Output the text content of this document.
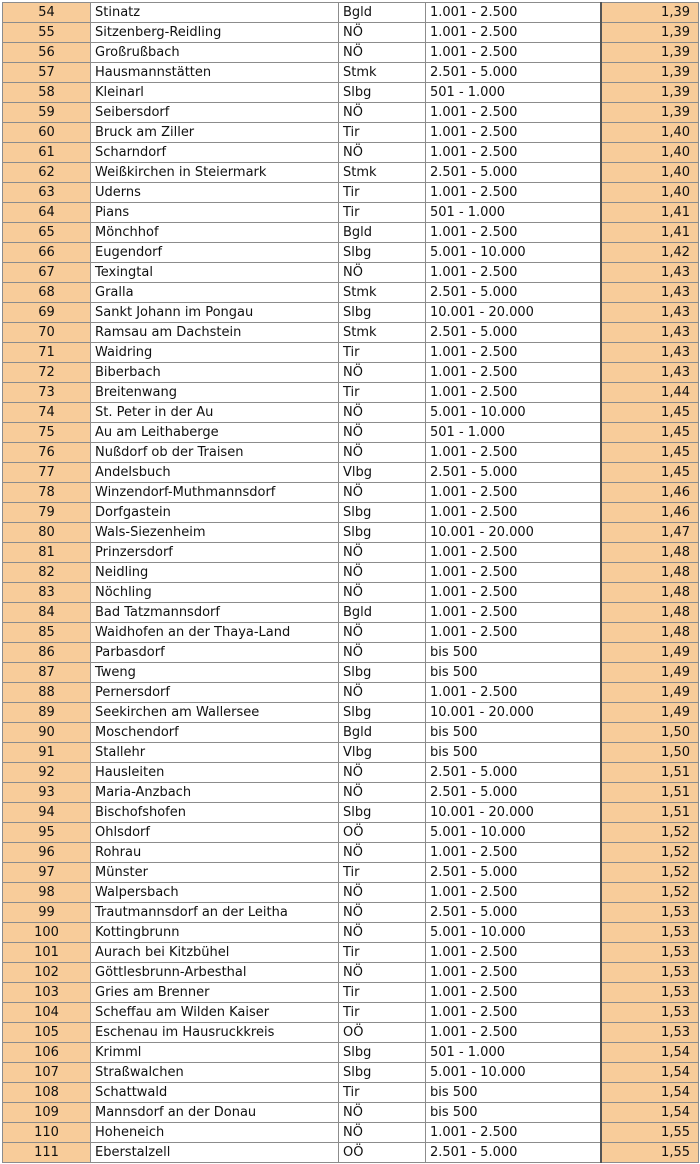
54	Stinatz	Bgld	1.001 - 2.500	1,39
55	Sitzenberg-Reidling	NÖ	1.001 - 2.500	1,39
56	Großrußbach	NÖ	1.001 - 2.500	1,39
57	Hausmannstätten	Stmk	2.501 - 5.000	1,39
58	Kleinarl	Slbg	501 - 1.000	1,39
59	Seibersdorf	NÖ	1.001 - 2.500	1,39
60	Bruck am Ziller	Tir	1.001 - 2.500	1,40
61	Scharndorf	NÖ	1.001 - 2.500	1,40
62	Weißkirchen in Steiermark	Stmk	2.501 - 5.000	1,40
63	Uderns	Tir	1.001 - 2.500	1,40
64	Pians	Tir	501 - 1.000	1,41
65	Mönchhof	Bgld	1.001 - 2.500	1,41
66	Eugendorf	Slbg	5.001 - 10.000	1,42
67	Texingtal	NÖ	1.001 - 2.500	1,43
68	Gralla	Stmk	2.501 - 5.000	1,43
69	Sankt Johann im Pongau	Slbg	10.001 - 20.000	1,43
70	Ramsau am Dachstein	Stmk	2.501 - 5.000	1,43
71	Waidring	Tir	1.001 - 2.500	1,43
72	Biberbach	NÖ	1.001 - 2.500	1,43
73	Breitenwang	Tir	1.001 - 2.500	1,44
74	St. Peter in der Au	NÖ	5.001 - 10.000	1,45
75	Au am Leithaberge	NÖ	501 - 1.000	1,45
76	Nußdorf ob der Traisen	NÖ	1.001 - 2.500	1,45
77	Andelsbuch	Vlbg	2.501 - 5.000	1,45
78	Winzendorf-Muthmannsdorf	NÖ	1.001 - 2.500	1,46
79	Dorfgastein	Slbg	1.001 - 2.500	1,46
80	Wals-Siezenheim	Slbg	10.001 - 20.000	1,47
81	Prinzersdorf	NÖ	1.001 - 2.500	1,48
82	Neidling	NÖ	1.001 - 2.500	1,48
83	Nöchling	NÖ	1.001 - 2.500	1,48
84	Bad Tatzmannsdorf	Bgld	1.001 - 2.500	1,48
85	Waidhofen an der Thaya-Land	NÖ	1.001 - 2.500	1,48
86	Parbasdorf	NÖ	bis 500	1,49
87	Tweng	Slbg	bis 500	1,49
88	Pernersdorf	NÖ	1.001 - 2.500	1,49
89	Seekirchen am Wallersee	Slbg	10.001 - 20.000	1,49
90	Moschendorf	Bgld	bis 500	1,50
91	Stallehr	Vlbg	bis 500	1,50
92	Hausleiten	NÖ	2.501 - 5.000	1,51
93	Maria-Anzbach	NÖ	2.501 - 5.000	1,51
94	Bischofshofen	Slbg	10.001 - 20.000	1,51
95	Ohlsdorf	OÖ	5.001 - 10.000	1,52
96	Rohrau	NÖ	1.001 - 2.500	1,52
97	Münster	Tir	2.501 - 5.000	1,52
98	Walpersbach	NÖ	1.001 - 2.500	1,52
99	Trautmannsdorf an der Leitha	NÖ	2.501 - 5.000	1,53
100	Kottingbrunn	NÖ	5.001 - 10.000	1,53
101	Aurach bei Kitzbühel	Tir	1.001 - 2.500	1,53
102	Göttlesbrunn-Arbesthal	NÖ	1.001 - 2.500	1,53
103	Gries am Brenner	Tir	1.001 - 2.500	1,53
104	Scheffau am Wilden Kaiser	Tir	1.001 - 2.500	1,53
105	Eschenau im Hausruckkreis	OÖ	1.001 - 2.500	1,53
106	Krimml	Slbg	501 - 1.000	1,54
107	Straßwalchen	Slbg	5.001 - 10.000	1,54
108	Schattwald	Tir	bis 500	1,54
109	Mannsdorf an der Donau	NÖ	bis 500	1,54
110	Hoheneich	NÖ	1.001 - 2.500	1,55
111	Eberstalzell	OÖ	2.501 - 5.000	1,55
